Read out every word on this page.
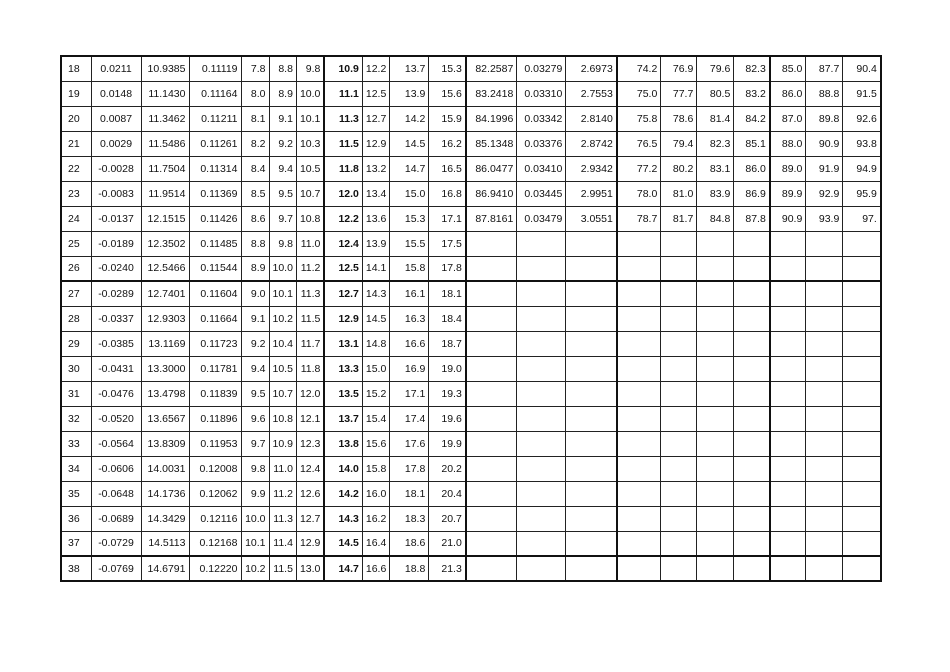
18	0.0211	10.9385	0.11119	7.8	8.8	9.8	10.9	12.2	13.7	15.3	82.2587	0.03279	2.6973	74.2	76.9	79.6	82.3	85.0	87.7	90.4
19	0.0148	11.1430	0.11164	8.0	8.9	10.0	11.1	12.5	13.9	15.6	83.2418	0.03310	2.7553	75.0	77.7	80.5	83.2	86.0	88.8	91.5
20	0.0087	11.3462	0.11211	8.1	9.1	10.1	11.3	12.7	14.2	15.9	84.1996	0.03342	2.8140	75.8	78.6	81.4	84.2	87.0	89.8	92.6
21	0.0029	11.5486	0.11261	8.2	9.2	10.3	11.5	12.9	14.5	16.2	85.1348	0.03376	2.8742	76.5	79.4	82.3	85.1	88.0	90.9	93.8
22	-0.0028	11.7504	0.11314	8.4	9.4	10.5	11.8	13.2	14.7	16.5	86.0477	0.03410	2.9342	77.2	80.2	83.1	86.0	89.0	91.9	94.9
23	-0.0083	11.9514	0.11369	8.5	9.5	10.7	12.0	13.4	15.0	16.8	86.9410	0.03445	2.9951	78.0	81.0	83.9	86.9	89.9	92.9	95.9
24	-0.0137	12.1515	0.11426	8.6	9.7	10.8	12.2	13.6	15.3	17.1	87.8161	0.03479	3.0551	78.7	81.7	84.8	87.8	90.9	93.9	97.
25	-0.0189	12.3502	0.11485	8.8	9.8	11.0	12.4	13.9	15.5	17.5										
26	-0.0240	12.5466	0.11544	8.9	10.0	11.2	12.5	14.1	15.8	17.8										
27	-0.0289	12.7401	0.11604	9.0	10.1	11.3	12.7	14.3	16.1	18.1										
28	-0.0337	12.9303	0.11664	9.1	10.2	11.5	12.9	14.5	16.3	18.4										
29	-0.0385	13.1169	0.11723	9.2	10.4	11.7	13.1	14.8	16.6	18.7										
30	-0.0431	13.3000	0.11781	9.4	10.5	11.8	13.3	15.0	16.9	19.0										
31	-0.0476	13.4798	0.11839	9.5	10.7	12.0	13.5	15.2	17.1	19.3										
32	-0.0520	13.6567	0.11896	9.6	10.8	12.1	13.7	15.4	17.4	19.6										
33	-0.0564	13.8309	0.11953	9.7	10.9	12.3	13.8	15.6	17.6	19.9										
34	-0.0606	14.0031	0.12008	9.8	11.0	12.4	14.0	15.8	17.8	20.2										
35	-0.0648	14.1736	0.12062	9.9	11.2	12.6	14.2	16.0	18.1	20.4										
36	-0.0689	14.3429	0.12116	10.0	11.3	12.7	14.3	16.2	18.3	20.7										
37	-0.0729	14.5113	0.12168	10.1	11.4	12.9	14.5	16.4	18.6	21.0										
38	-0.0769	14.6791	0.12220	10.2	11.5	13.0	14.7	16.6	18.8	21.3										
